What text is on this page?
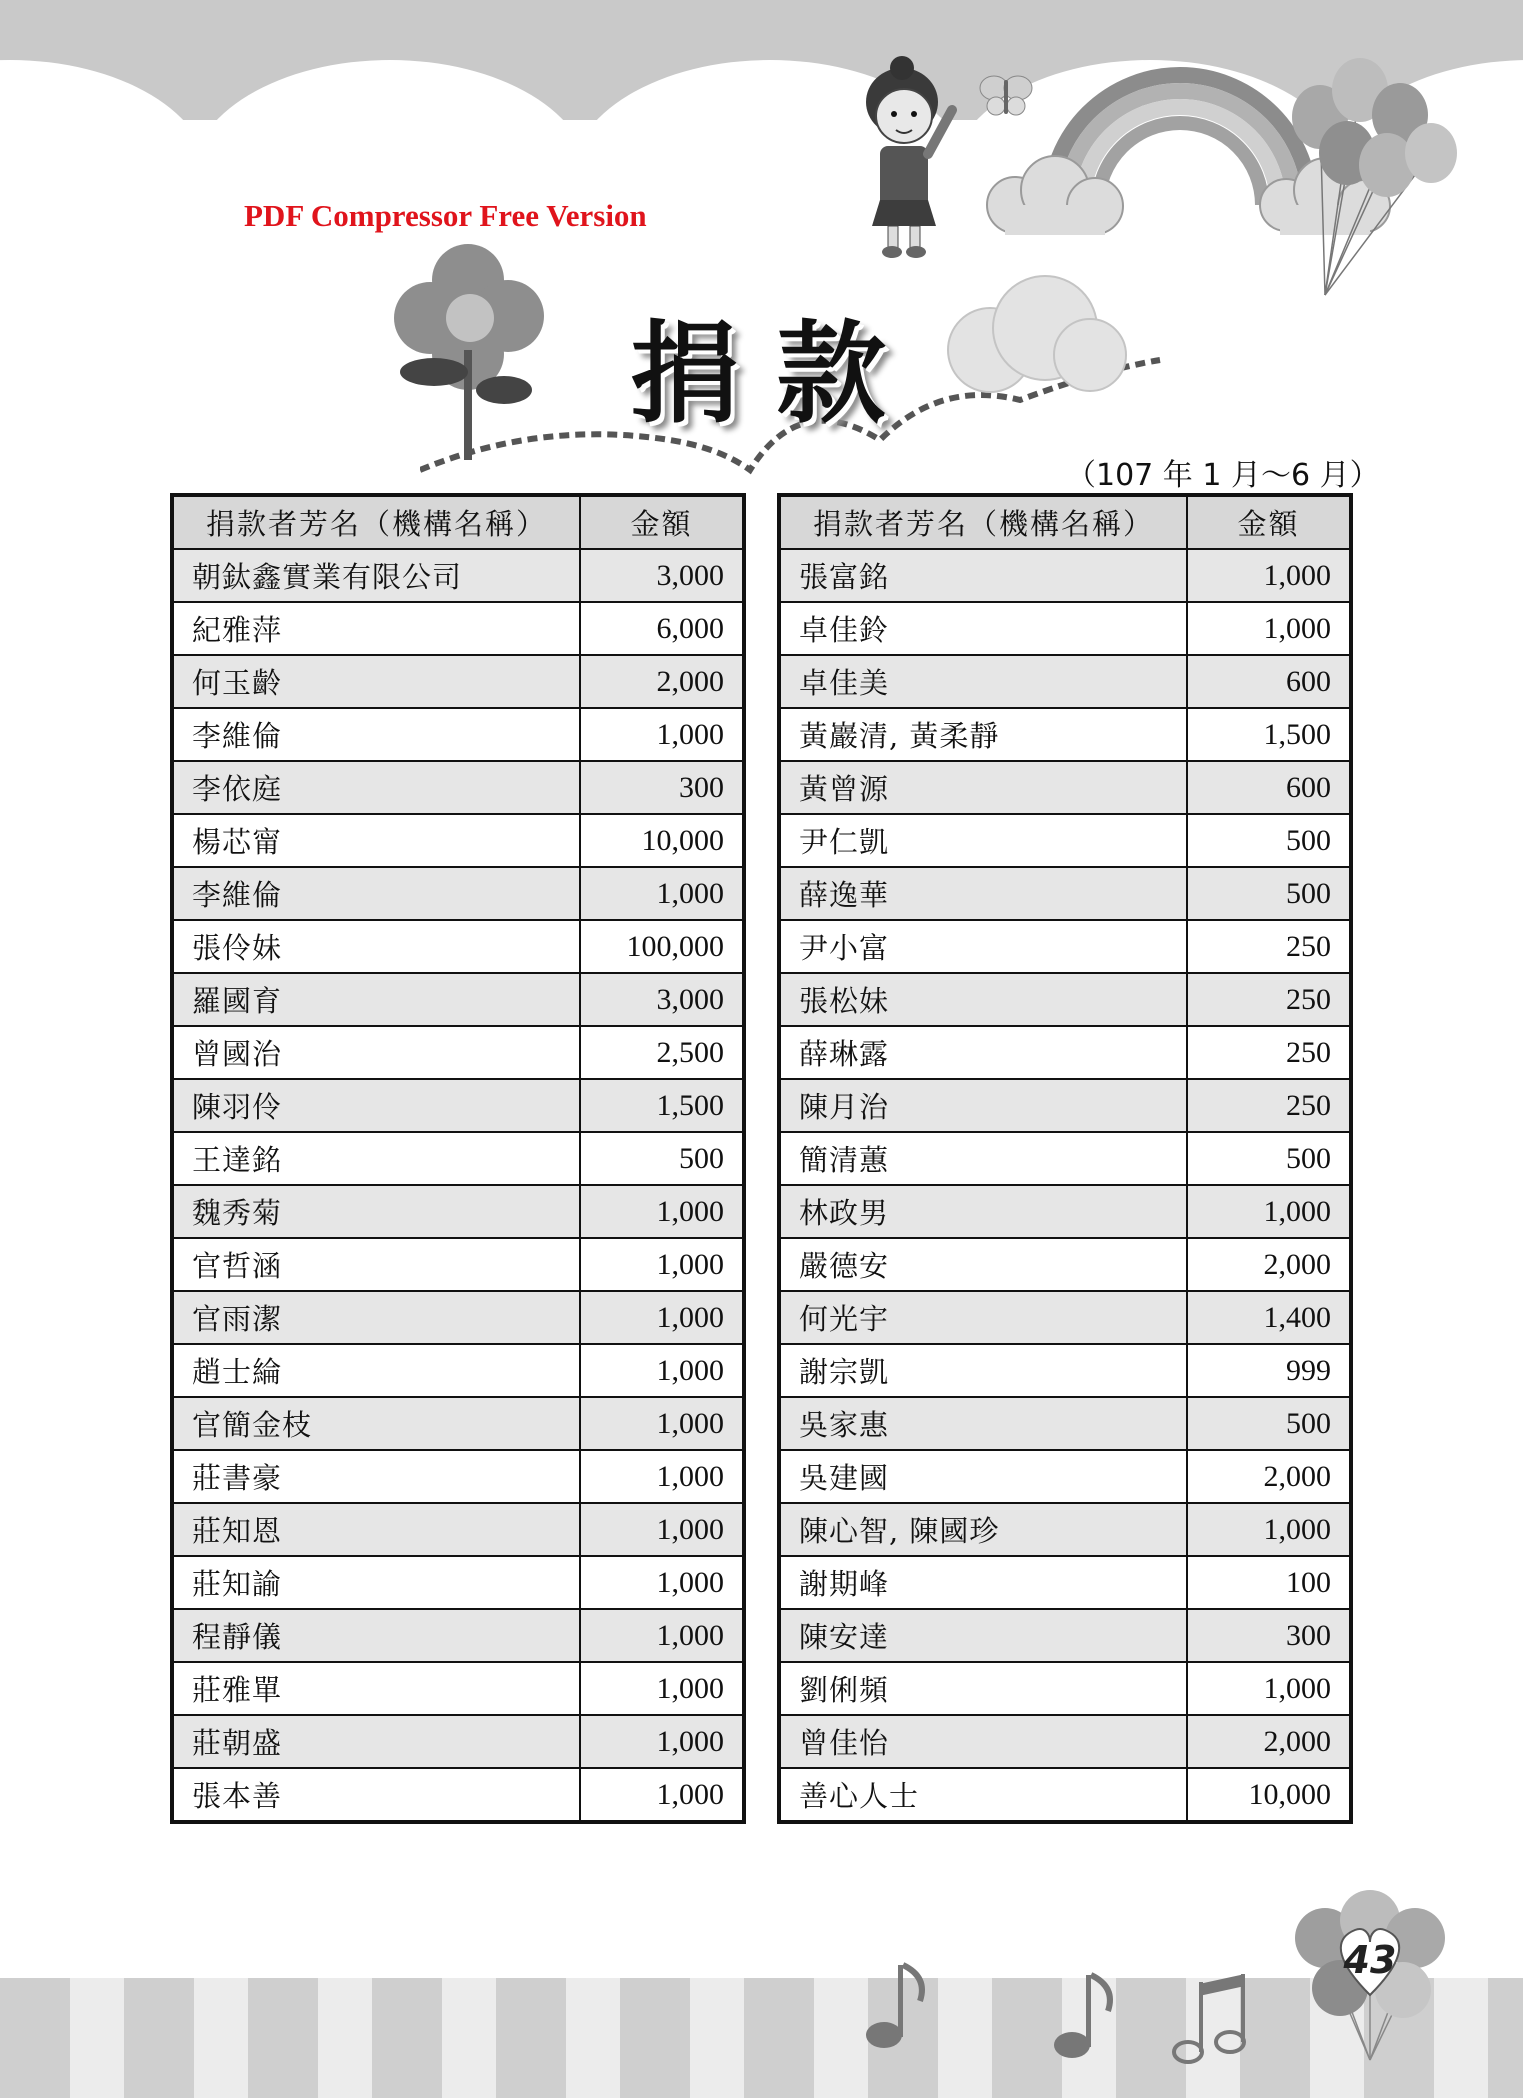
PDF Compressor Free Version
捐款
（107 年 1 月～6 月）
捐款者芳名（機構名稱）	金額
朝鈦鑫實業有限公司	3,000
紀雅萍	6,000
何玉齡	2,000
李維倫	1,000
李依庭	300
楊芯甯	10,000
李維倫	1,000
張伶妹	100,000
羅國育	3,000
曾國治	2,500
陳羽伶	1,500
王達銘	500
魏秀菊	1,000
官哲涵	1,000
官雨潔	1,000
趙士綸	1,000
官簡金枝	1,000
莊書豪	1,000
莊知恩	1,000
莊知諭	1,000
程靜儀	1,000
莊雅單	1,000
莊朝盛	1,000
張本善	1,000
捐款者芳名（機構名稱）	金額
張富銘	1,000
卓佳鈴	1,000
卓佳美	600
黃巖清, 黃柔靜	1,500
黃曾源	600
尹仁凱	500
薛逸華	500
尹小富	250
張松妹	250
薛琳露	250
陳月治	250
簡清蕙	500
林政男	1,000
嚴德安	2,000
何光宇	1,400
謝宗凱	999
吳家惠	500
吳建國	2,000
陳心智, 陳國珍	1,000
謝期峰	100
陳安達	300
劉俐頻	1,000
曾佳怡	2,000
善心人士	10,000
43
